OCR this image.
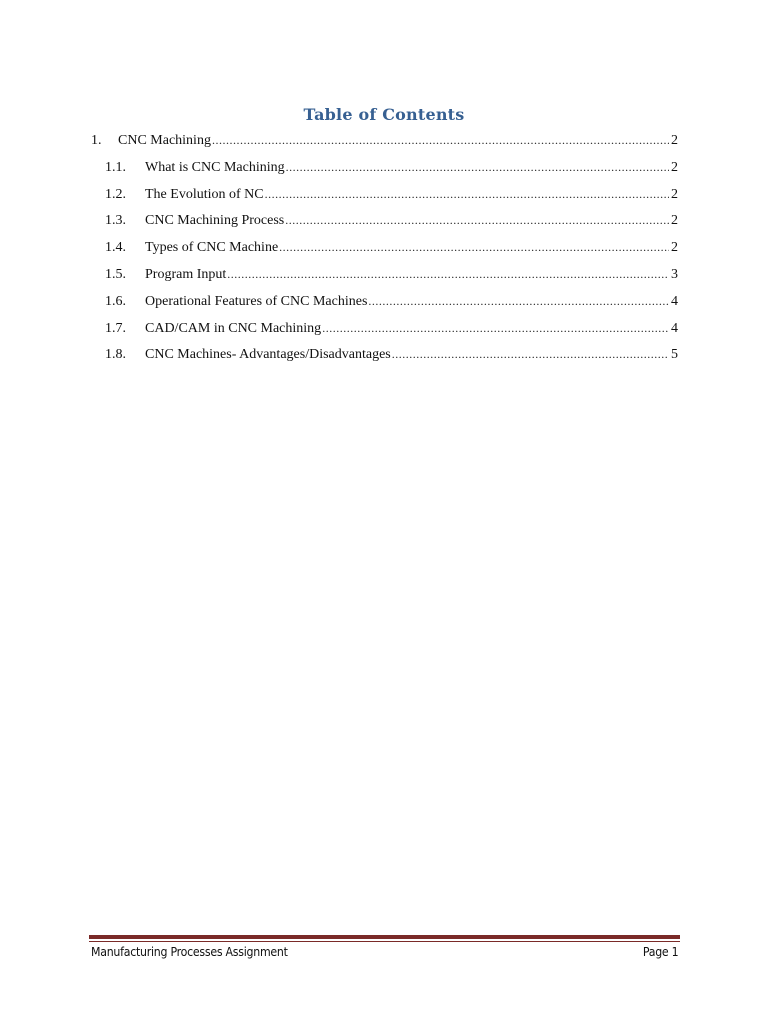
Table of Contents
1.	CNC Machining .....	2
1.1.	What is CNC Machining .....	2
1.2.	The Evolution of NC .....	2
1.3.	CNC Machining Process .....	2
1.4.	Types of CNC Machine .....	2
1.5.	Program Input .....	3
1.6.	Operational Features of CNC Machines .....	4
1.7.	CAD/CAM in CNC Machining .....	4
1.8.	CNC Machines- Advantages/Disadvantages .....	5
Manufacturing Processes Assignment	Page 1
